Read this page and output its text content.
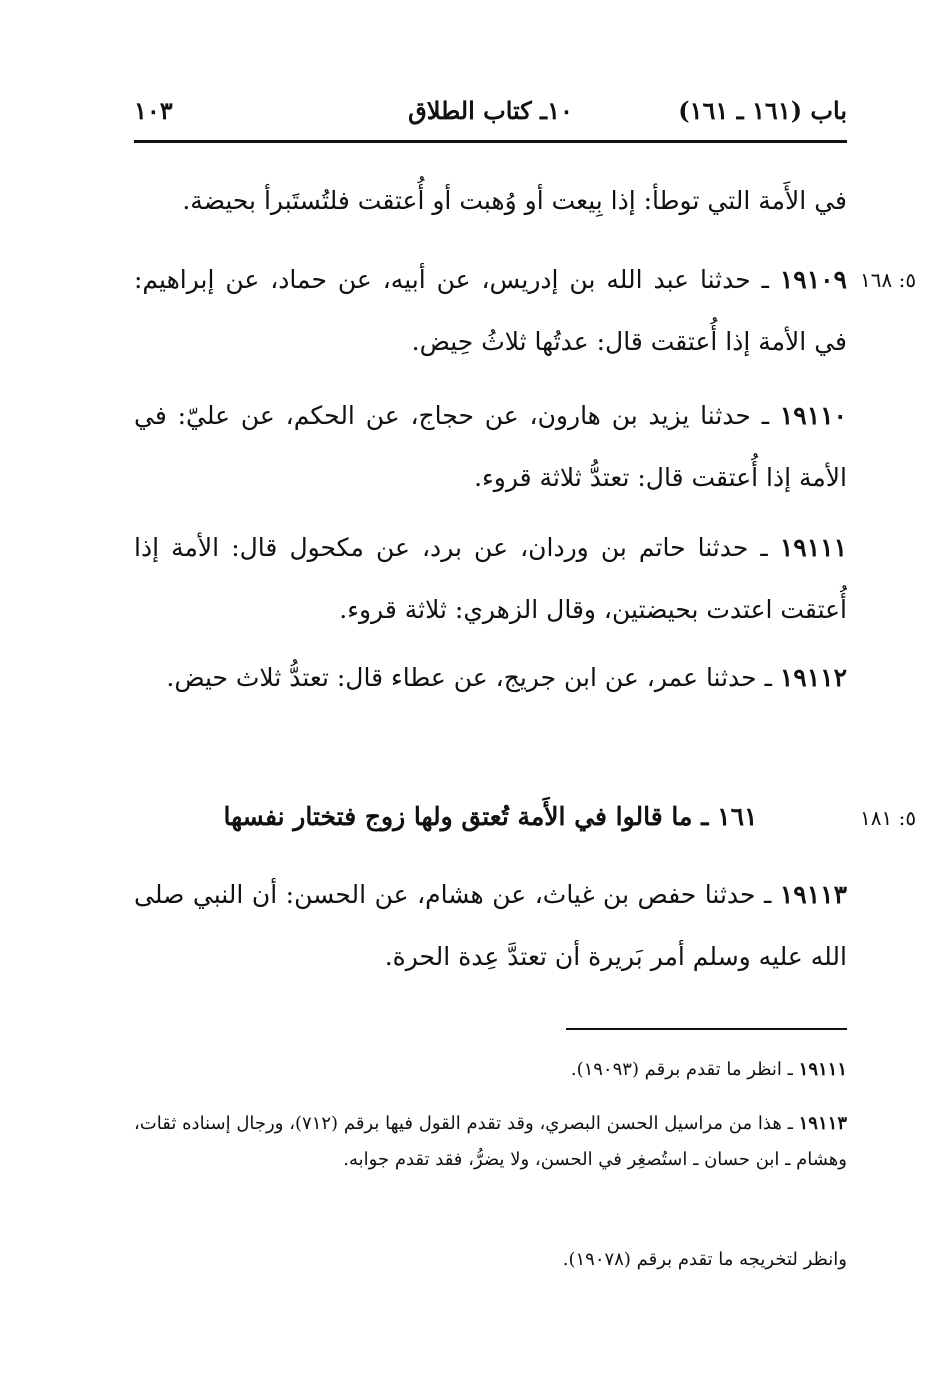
باب (١٦١ ـ ١٦١)
١٠ـ كتاب الطلاق
١٠٣
في الأَمة التي توطأ: إذا بِيعت أو وُهبت أو أُعتقت فلتُستَبرأ بحيضة.
٥: ١٦٨
١٩١٠٩ ـ حدثنا عبد الله بن إدريس، عن أبيه، عن حماد، عن إبراهيم: في الأمة إذا أُعتقت قال: عدتُها ثلاثُ حِيض.
١٩١١٠ ـ حدثنا يزيد بن هارون، عن حجاج، عن الحكم، عن عليّ: في الأمة إذا أُعتقت قال: تعتدُّ ثلاثة قروء.
١٩١١١ ـ حدثنا حاتم بن وردان، عن برد، عن مكحول قال: الأمة إذا أُعتقت اعتدت بحيضتين، وقال الزهري: ثلاثة قروء.
١٩١١٢ ـ حدثنا عمر، عن ابن جريج، عن عطاء قال: تعتدُّ ثلاث حيض.
٥: ١٨١
١٦١ ـ ما قالوا في الأَمة تُعتق ولها زوج فتختار نفسها
١٩١١٣ ـ حدثنا حفص بن غياث، عن هشام، عن الحسن: أن النبي صلى الله عليه وسلم أمر بَريرة أن تعتدَّ عِدة الحرة.
١٩١١١ ـ انظر ما تقدم برقم (١٩٠٩٣).
١٩١١٣ ـ هذا من مراسيل الحسن البصري، وقد تقدم القول فيها برقم (٧١٢)، ورجال إسناده ثقات، وهشام ـ ابن حسان ـ استُصغِر في الحسن، ولا يضرُّ، فقد تقدم جوابه.
وانظر لتخريجه ما تقدم برقم (١٩٠٧٨).
